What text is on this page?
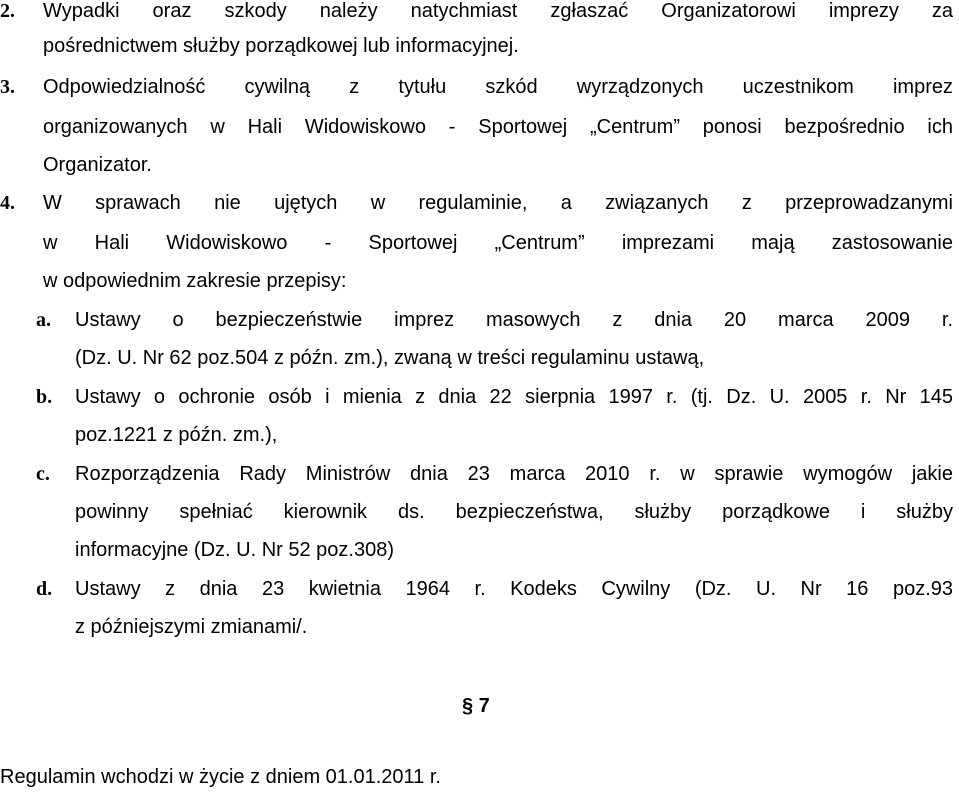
2. Wypadki oraz szkody należy natychmiast zgłaszać Organizatorowi imprezy za
pośrednictwem służby porządkowej lub informacyjnej.
3. Odpowiedzialność cywilną z tytułu szkód wyrządzonych uczestnikom imprez
organizowanych w Hali Widowiskowo - Sportowej „Centrum” ponosi bezpośrednio ich
Organizator.
4. W sprawach nie ujętych w regulaminie, a związanych z przeprowadzanymi
w Hali Widowiskowo - Sportowej „Centrum” imprezami mają zastosowanie
w odpowiednim zakresie przepisy:
a. Ustawy o bezpieczeństwie imprez masowych z dnia 20 marca 2009 r.
(Dz. U. Nr 62 poz.504 z późn. zm.), zwaną w treści regulaminu ustawą,
b. Ustawy o ochronie osób i mienia z dnia 22 sierpnia 1997 r. (tj. Dz. U. 2005 r. Nr 145
poz.1221 z późn. zm.),
c. Rozporządzenia Rady Ministrów dnia 23 marca 2010 r. w sprawie wymogów jakie
powinny spełniać kierownik ds. bezpieczeństwa, służby porządkowe i służby
informacyjne (Dz. U. Nr 52 poz.308)
d. Ustawy z dnia 23 kwietnia 1964 r. Kodeks Cywilny (Dz. U. Nr 16 poz.93
z późniejszymi zmianami/.
§ 7
Regulamin wchodzi w życie z dniem 01.01.2011 r.
